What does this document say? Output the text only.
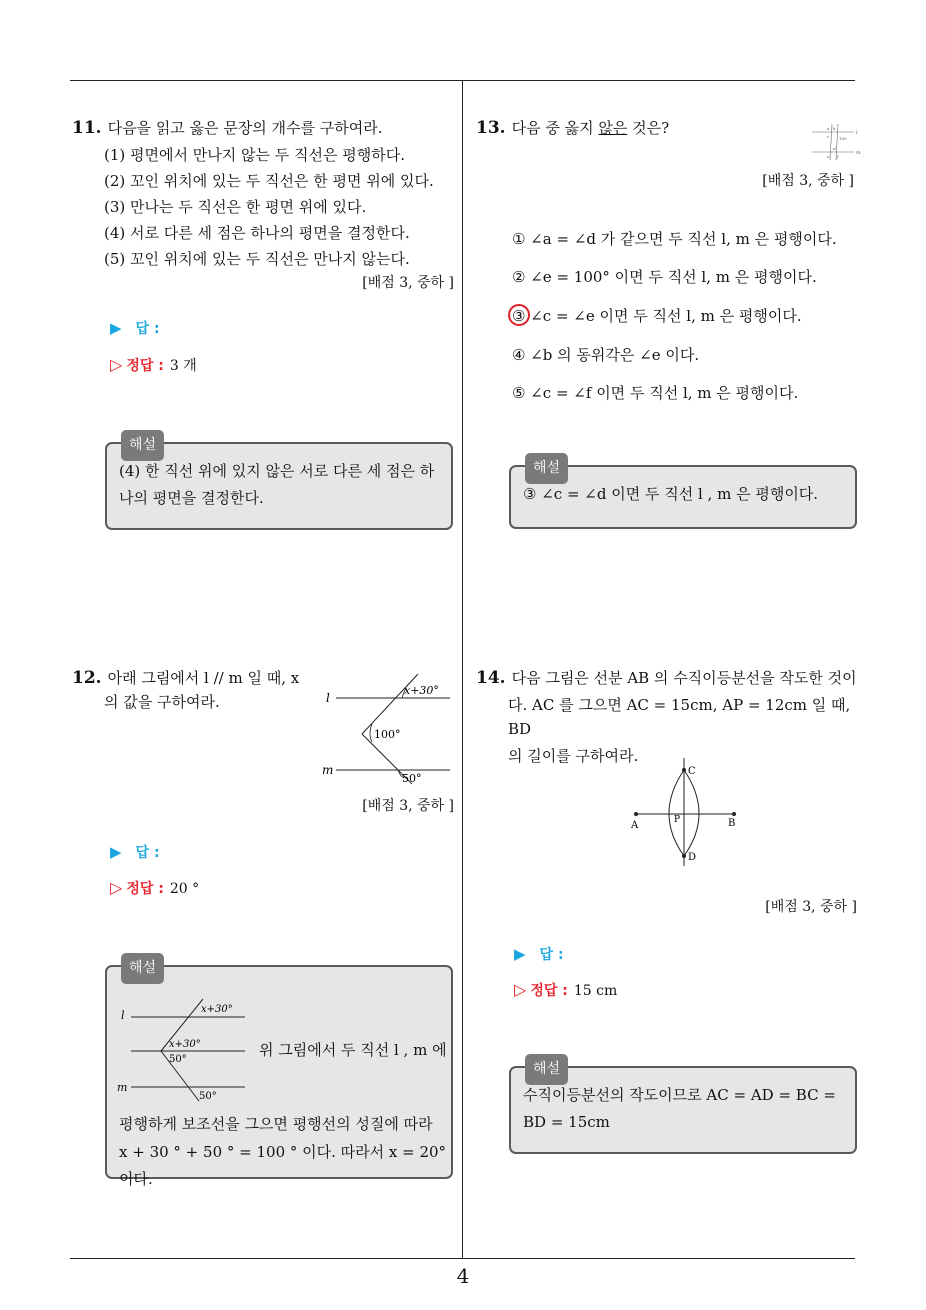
11. 다음을 읽고 옳은 문장의 개수를 구하여라.
(1) 평면에서 만나지 않는 두 직선은 평행하다.
(2) 꼬인 위치에 있는 두 직선은 한 평면 위에 있다.
(3) 만나는 두 직선은 한 평면 위에 있다.
(4) 서로 다른 세 점은 하나의 평면을 결정한다.
(5) 꼬인 위치에 있는 두 직선은 만나지 않는다.
[배점 3, 중하 ]
▶ 답 :
▷ 정답 : 3 개
해설
(4) 한 직선 위에 있지 않은 서로 다른 세 점은 하
나의 평면을 결정한다.
12. 아래 그림에서 l // m 일 때, x
의 값을 구하여라.	l
m
x+30°
100°
50°
[배점 3, 중하 ]
▶ 답 :
▷ 정답 : 20 °
해설
l
m
x+30°
x+30°
50°
50°
위 그림에서 두 직선 l , m 에
평행하게 보조선을 그으면 평행선의 성질에 따라
x + 30 ° + 50 ° = 100 ° 이다. 따라서 x = 20° 이다.
13. 다음 중 옳지 않은 것은?	l
m
a b
c 100
d
e f
[배점 3, 중하 ]
① ∠a = ∠d 가 같으면 두 직선 l, m 은 평행이다.
② ∠e = 100° 이면 두 직선 l, m 은 평행이다.
③ ∠c = ∠e 이면 두 직선 l, m 은 평행이다.
④ ∠b 의 동위각은 ∠e 이다.
⑤ ∠c = ∠f 이면 두 직선 l, m 은 평행이다.
해설
③ ∠c = ∠d 이면 두 직선 l , m 은 평행이다.
14. 다음 그림은 선분 AB 의 수직이등분선을 작도한 것이
다. AC 를 그으면 AC = 15cm, AP = 12cm 일 때, BD
의 길이를 구하여라.
A	B
C
D
P
[배점 3, 중하 ]
▶ 답 :
▷ 정답 : 15 cm
해설
수직이등분선의 작도이므로 AC = AD = BC =
BD = 15cm
4
